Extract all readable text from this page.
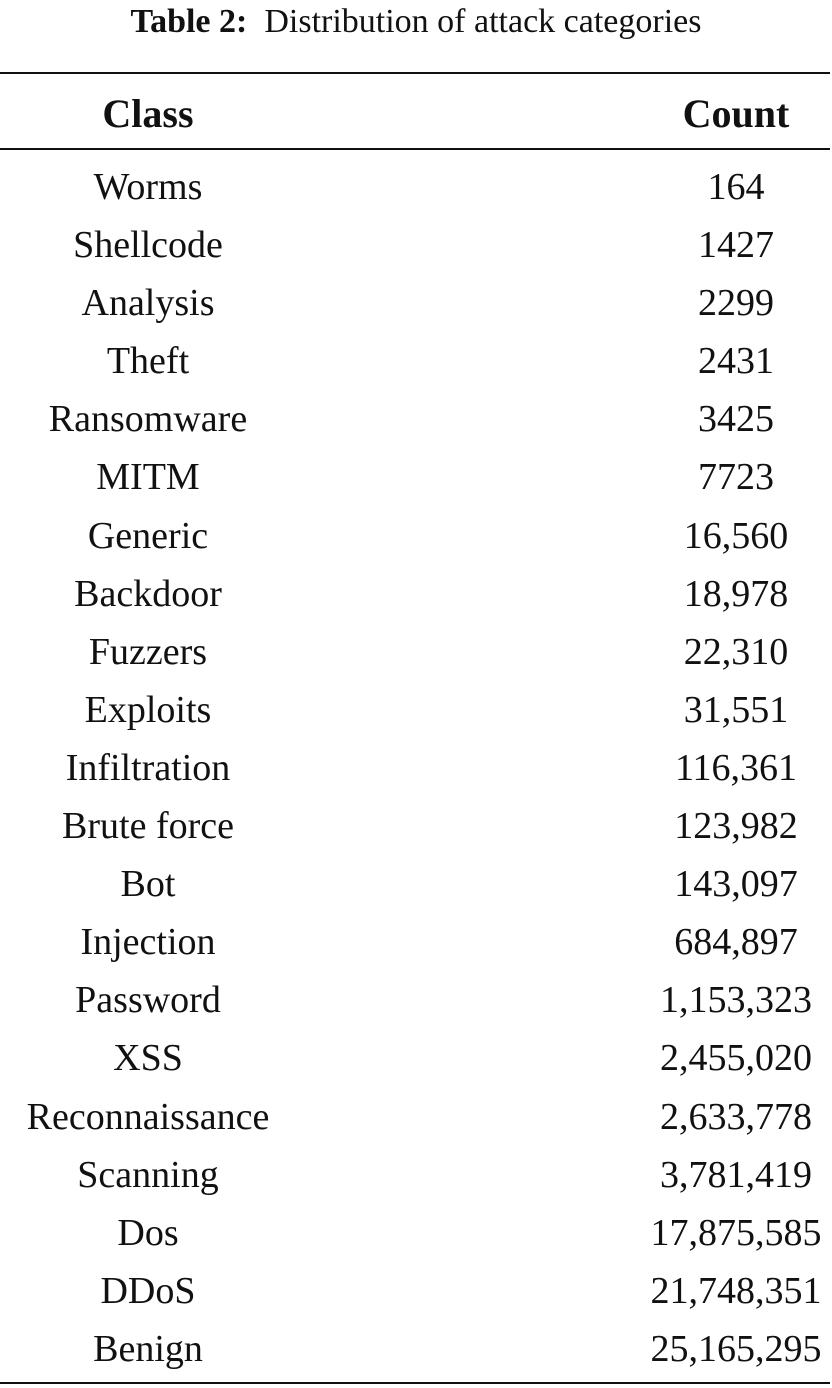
Table 2: Distribution of attack categories
Class	Count
Worms	164
Shellcode	1427
Analysis	2299
Theft	2431
Ransomware	3425
MITM	7723
Generic	16,560
Backdoor	18,978
Fuzzers	22,310
Exploits	31,551
Infiltration	116,361
Brute force	123,982
Bot	143,097
Injection	684,897
Password	1,153,323
XSS	2,455,020
Reconnaissance	2,633,778
Scanning	3,781,419
Dos	17,875,585
DDoS	21,748,351
Benign	25,165,295
